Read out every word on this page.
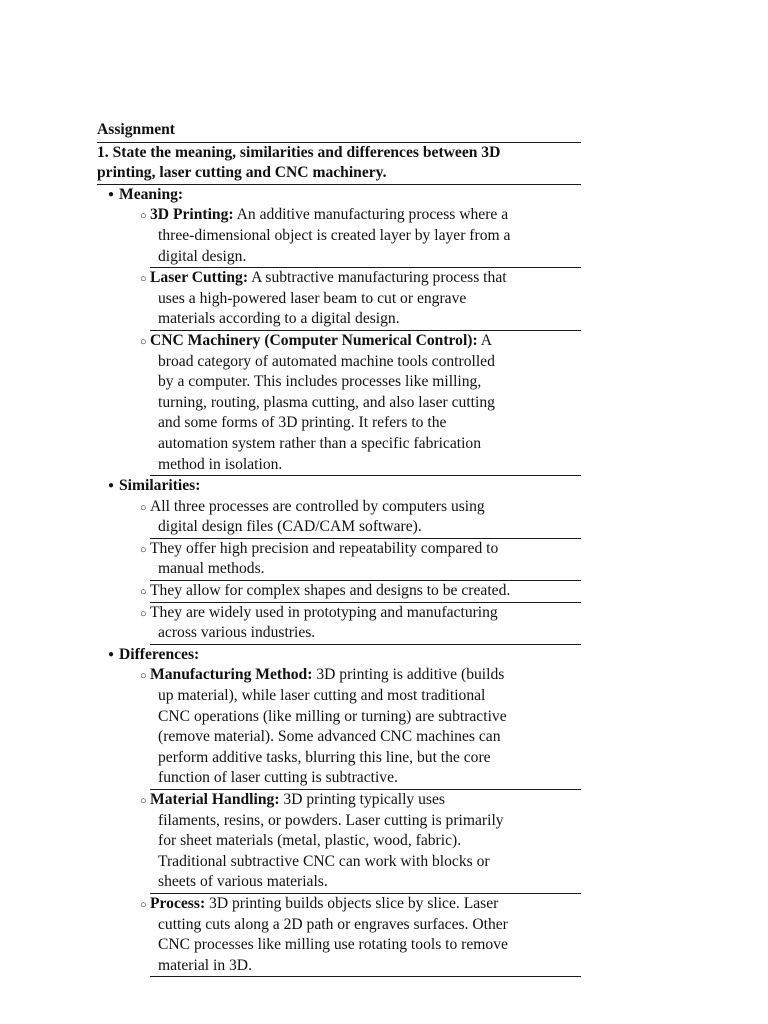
Assignment
1. State the meaning, similarities and differences between 3D
printing, laser cutting and CNC machinery.
● Meaning:
○ 3D Printing: An additive manufacturing process where a
three-dimensional object is created layer by layer from a
digital design.
○ Laser Cutting: A subtractive manufacturing process that
uses a high-powered laser beam to cut or engrave
materials according to a digital design.
○ CNC Machinery (Computer Numerical Control): A
broad category of automated machine tools controlled
by a computer. This includes processes like milling,
turning, routing, plasma cutting, and also laser cutting
and some forms of 3D printing. It refers to the
automation system rather than a specific fabrication
method in isolation.
● Similarities:
○ All three processes are controlled by computers using
digital design files (CAD/CAM software).
○ They offer high precision and repeatability compared to
manual methods.
○ They allow for complex shapes and designs to be created.
○ They are widely used in prototyping and manufacturing
across various industries.
● Differences:
○ Manufacturing Method: 3D printing is additive (builds
up material), while laser cutting and most traditional
CNC operations (like milling or turning) are subtractive
(remove material). Some advanced CNC machines can
perform additive tasks, blurring this line, but the core
function of laser cutting is subtractive.
○ Material Handling: 3D printing typically uses
filaments, resins, or powders. Laser cutting is primarily
for sheet materials (metal, plastic, wood, fabric).
Traditional subtractive CNC can work with blocks or
sheets of various materials.
○ Process: 3D printing builds objects slice by slice. Laser
cutting cuts along a 2D path or engraves surfaces. Other
CNC processes like milling use rotating tools to remove
material in 3D.
